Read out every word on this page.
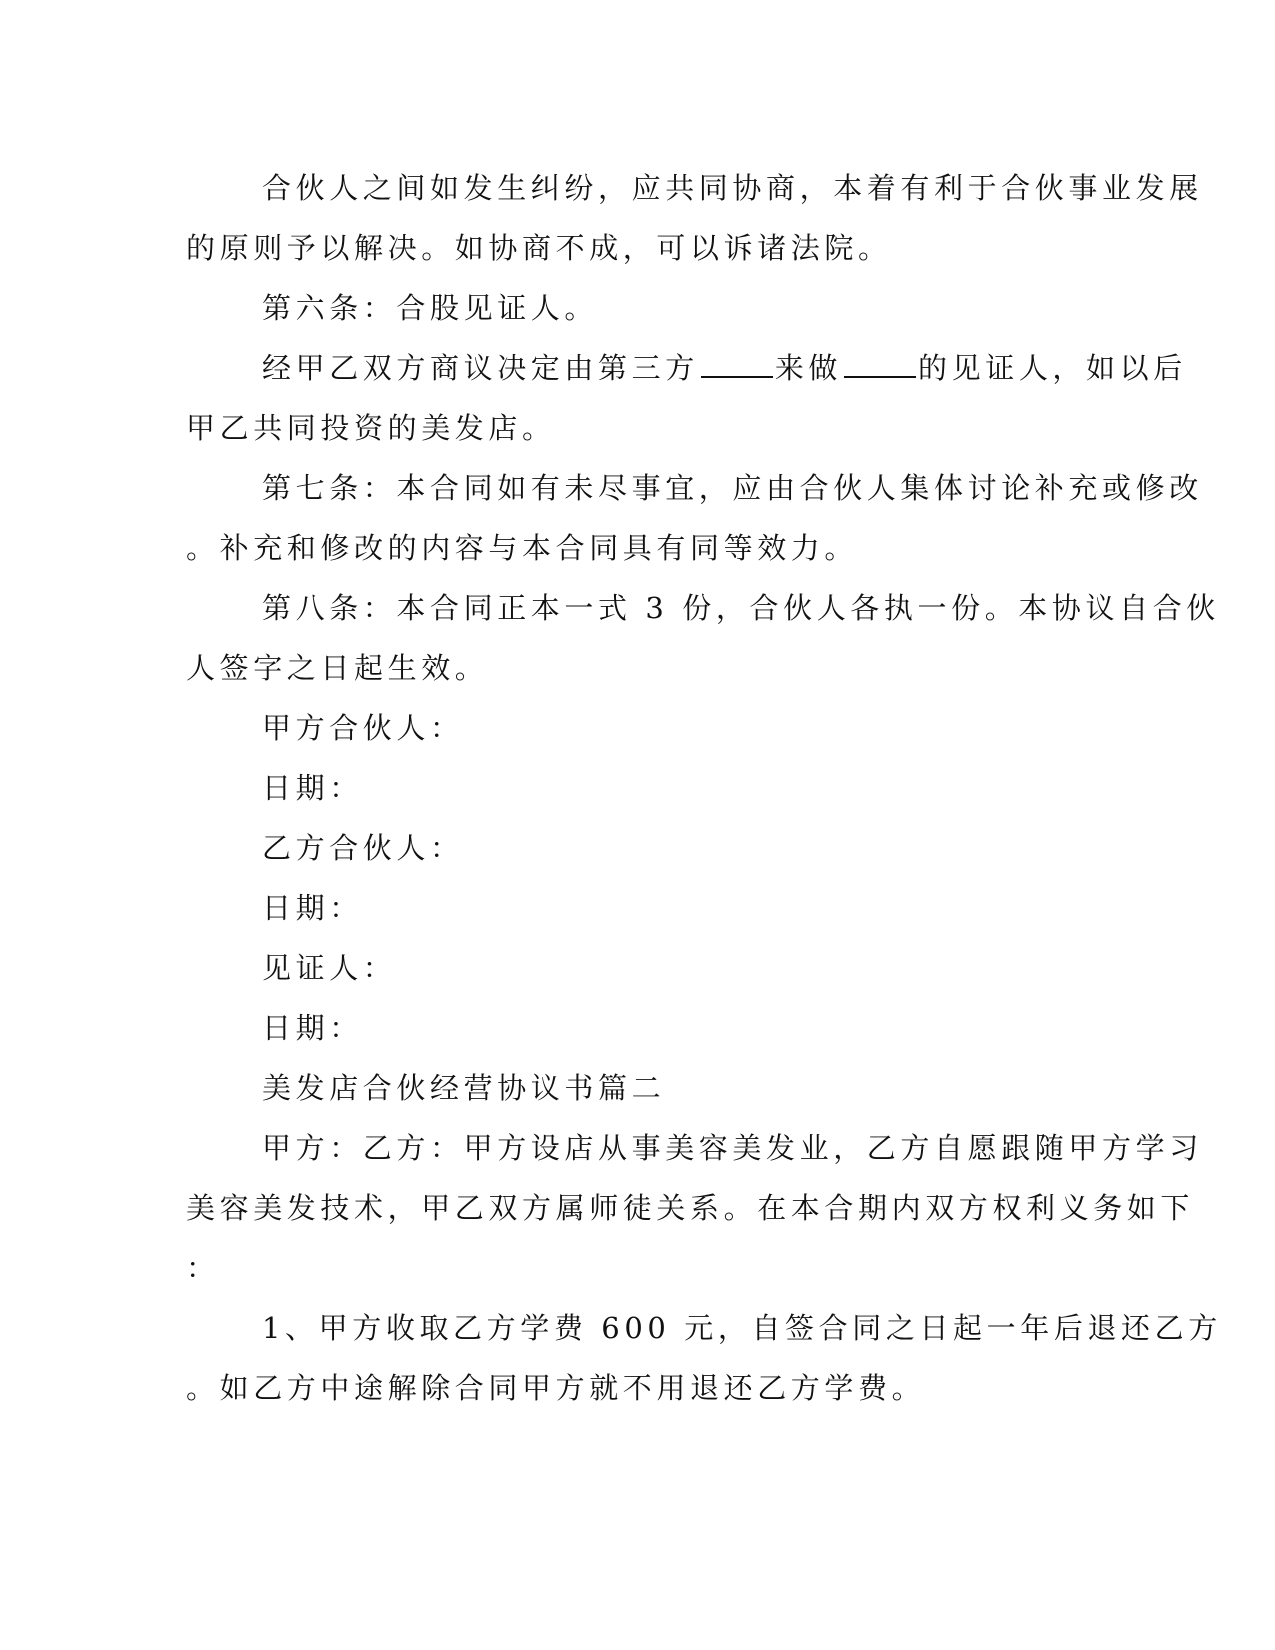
合伙人之间如发生纠纷，应共同协商，本着有利于合伙事业发展

的原则予以解决。如协商不成，可以诉诸法院。

第六条：合股见证人。

经甲乙双方商议决定由第三方	来做	的见证人，如以后

甲乙共同投资的美发店。

第七条：本合同如有未尽事宜，应由合伙人集体讨论补充或修改

。补充和修改的内容与本合同具有同等效力。

第八条：本合同正本一式 3 份，合伙人各执一份。本协议自合伙

人签字之日起生效。

甲方合伙人：

日期：

乙方合伙人：

日期：

见证人：

日期：

美发店合伙经营协议书篇二

甲方：乙方：甲方设店从事美容美发业，乙方自愿跟随甲方学习

美容美发技术，甲乙双方属师徒关系。在本合期内双方权利义务如下

：

1、甲方收取乙方学费 600 元，自签合同之日起一年后退还乙方

。如乙方中途解除合同甲方就不用退还乙方学费。
